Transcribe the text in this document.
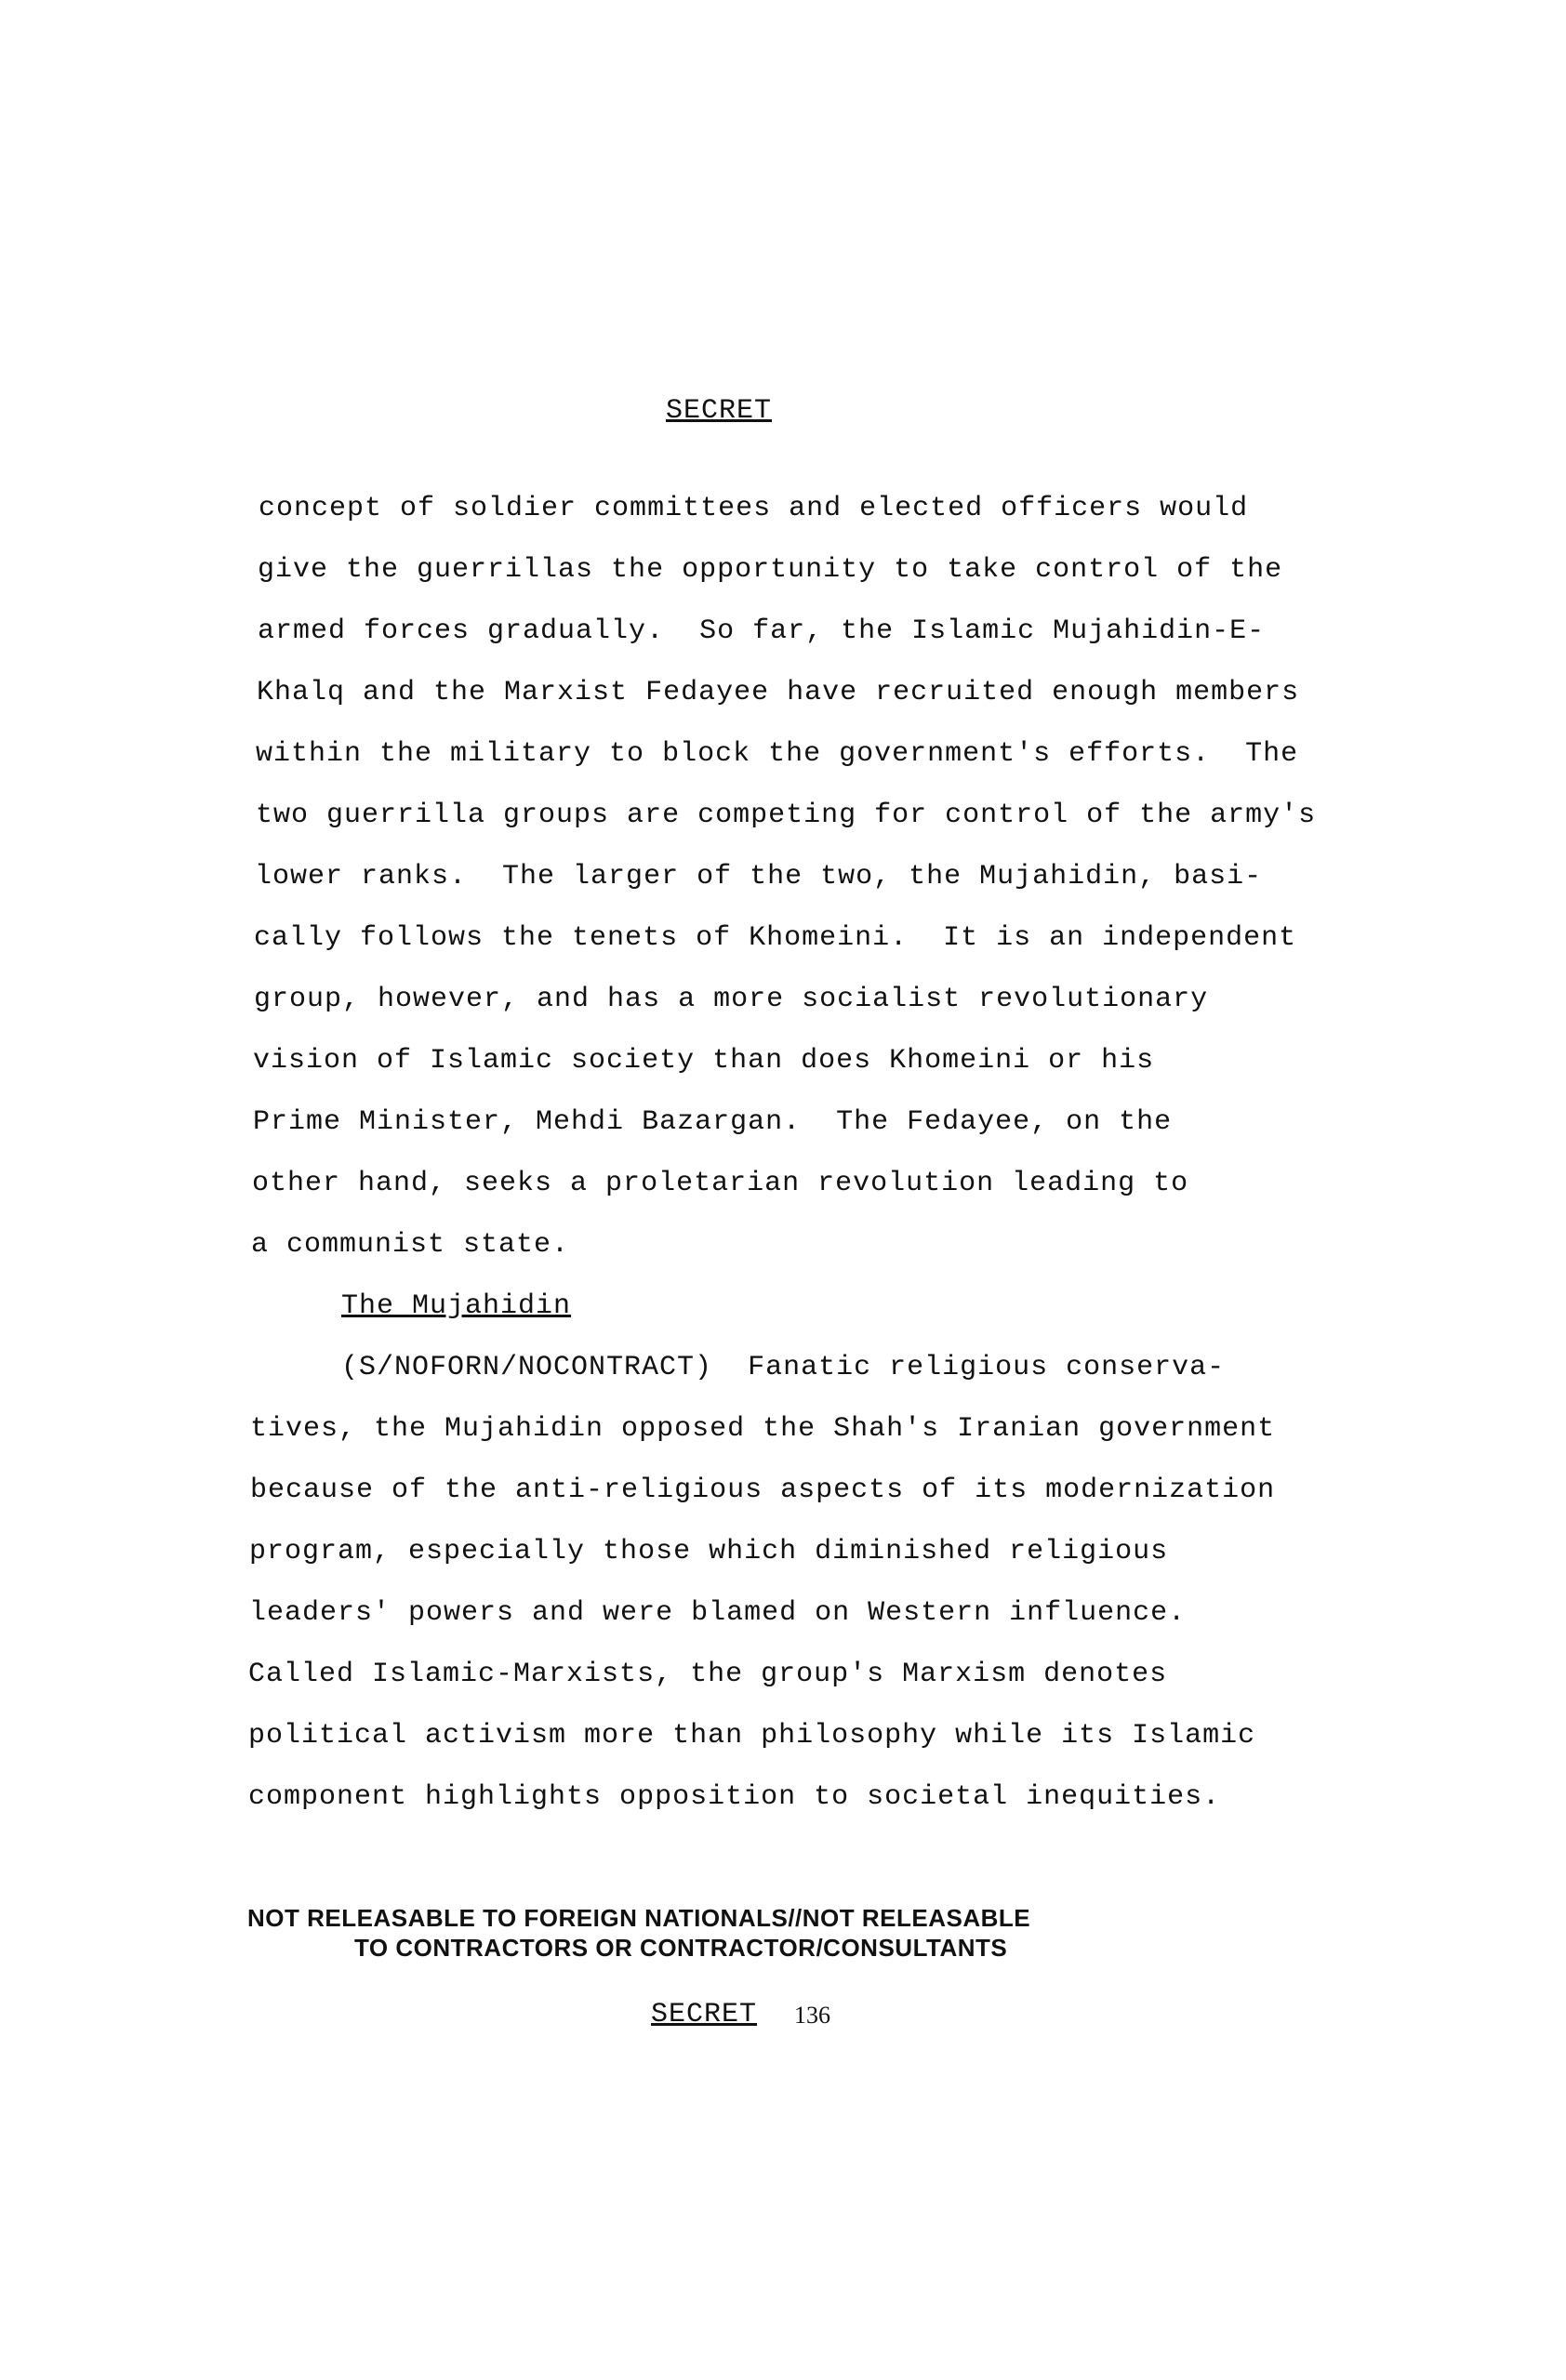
SECRET
concept of soldier committees and elected officers would
give the guerrillas the opportunity to take control of the
armed forces gradually.  So far, the Islamic Mujahidin-E-
Khalq and the Marxist Fedayee have recruited enough members
within the military to block the government's efforts.  The
two guerrilla groups are competing for control of the army's
lower ranks.  The larger of the two, the Mujahidin, basi-
cally follows the tenets of Khomeini.  It is an independent
group, however, and has a more socialist revolutionary
vision of Islamic society than does Khomeini or his
Prime Minister, Mehdi Bazargan.  The Fedayee, on the
other hand, seeks a proletarian revolution leading to
a communist state.
The Mujahidin
(S/NOFORN/NOCONTRACT)  Fanatic religious conserva-
tives, the Mujahidin opposed the Shah's Iranian government
because of the anti-religious aspects of its modernization
program, especially those which diminished religious
leaders' powers and were blamed on Western influence.
Called Islamic-Marxists, the group's Marxism denotes
political activism more than philosophy while its Islamic
component highlights opposition to societal inequities.
NOT RELEASABLE TO FOREIGN NATIONALS//NOT RELEASABLE
TO CONTRACTORS OR CONTRACTOR/CONSULTANTS
SECRET 136
